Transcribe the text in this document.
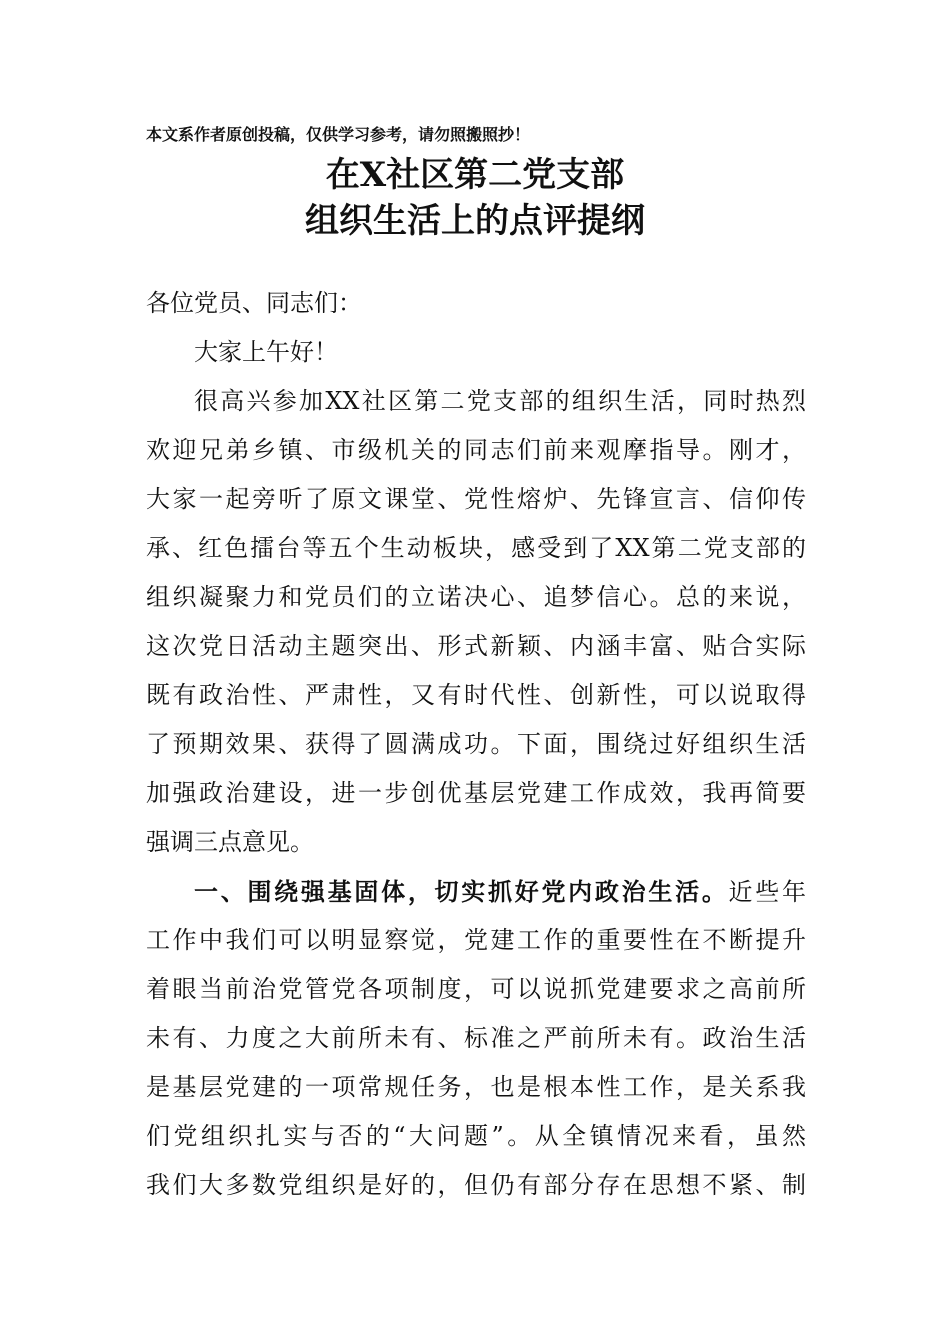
本文系作者原创投稿，仅供学习参考，请勿照搬照抄！
在X社区第二党支部
组织生活上的点评提纲
各位党员、同志们：
大家上午好！
很高兴参加XX社区第二党支部的组织生活，同时热烈
欢迎兄弟乡镇、市级机关的同志们前来观摩指导。刚才，
大家一起旁听了原文课堂、党性熔炉、先锋宣言、信仰传
承、红色擂台等五个生动板块，感受到了XX第二党支部的
组织凝聚力和党员们的立诺决心、追梦信心。总的来说，
这次党日活动主题突出、形式新颖、内涵丰富、贴合实际
既有政治性、严肃性，又有时代性、创新性，可以说取得
了预期效果、获得了圆满成功。下面，围绕过好组织生活
加强政治建设，进一步创优基层党建工作成效，我再简要
强调三点意见。
一、围绕强基固体，切实抓好党内政治生活。近些年
工作中我们可以明显察觉，党建工作的重要性在不断提升
着眼当前治党管党各项制度，可以说抓党建要求之高前所
未有、力度之大前所未有、标准之严前所未有。政治生活
是基层党建的一项常规任务，也是根本性工作，是关系我
们党组织扎实与否的“大问题”。从全镇情况来看，虽然
我们大多数党组织是好的，但仍有部分存在思想不紧、制
